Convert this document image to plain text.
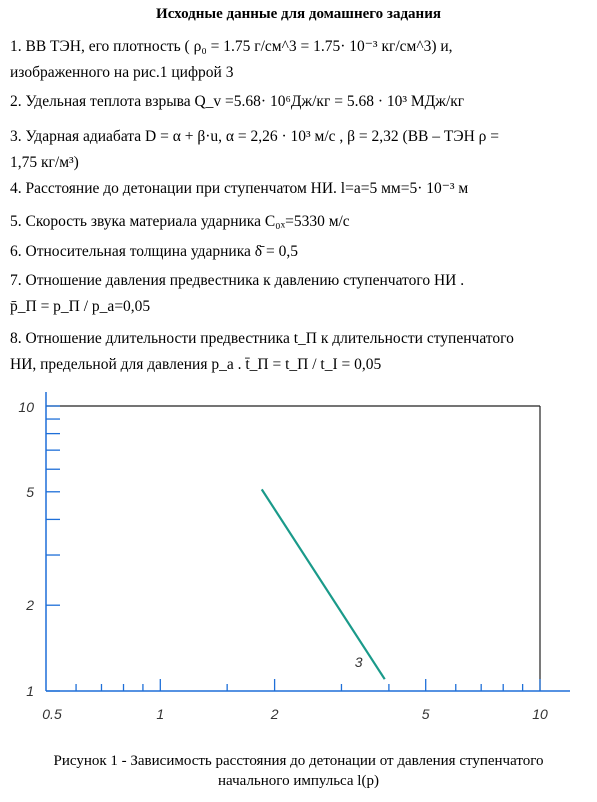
Исходные данные для домашнего задания
1. ВВ ТЭН, его плотность ( ρ₀ = 1.75 г/см^3 = 1.75· 10⁻³ кг/см^3) и,
изображенного на рис.1 цифрой 3
2. Удельная теплота взрыва Q_v =5.68· 10⁶Дж/кг = 5.68 · 10³ МДж/кг
3. Ударная адиабата D = α + β·u, α = 2,26 · 10³ м/с , β = 2,32 (ВВ – ТЭН ρ =
1,75 кг/м³)
4. Расстояние до детонации при ступенчатом НИ. l=a=5 мм=5· 10⁻³ м
5. Скорость звука материала ударника C₀ₓ=5330 м/с
6. Относительная толщина ударника δ̄ = 0,5
7. Отношение давления предвестника к давлению ступенчатого НИ .
p̄_П = p_П / p_a=0,05
8. Отношение длительности предвестника t_П к длительности ступенчатого
НИ, предельной для давления p_a . t̄_П = t_П / t_I = 0,05
1
2
5
10
0.5	1	2	5	10
3
Рисунок 1 - Зависимость расстояния до детонации от давления ступенчатого
начального импульса l(p)
